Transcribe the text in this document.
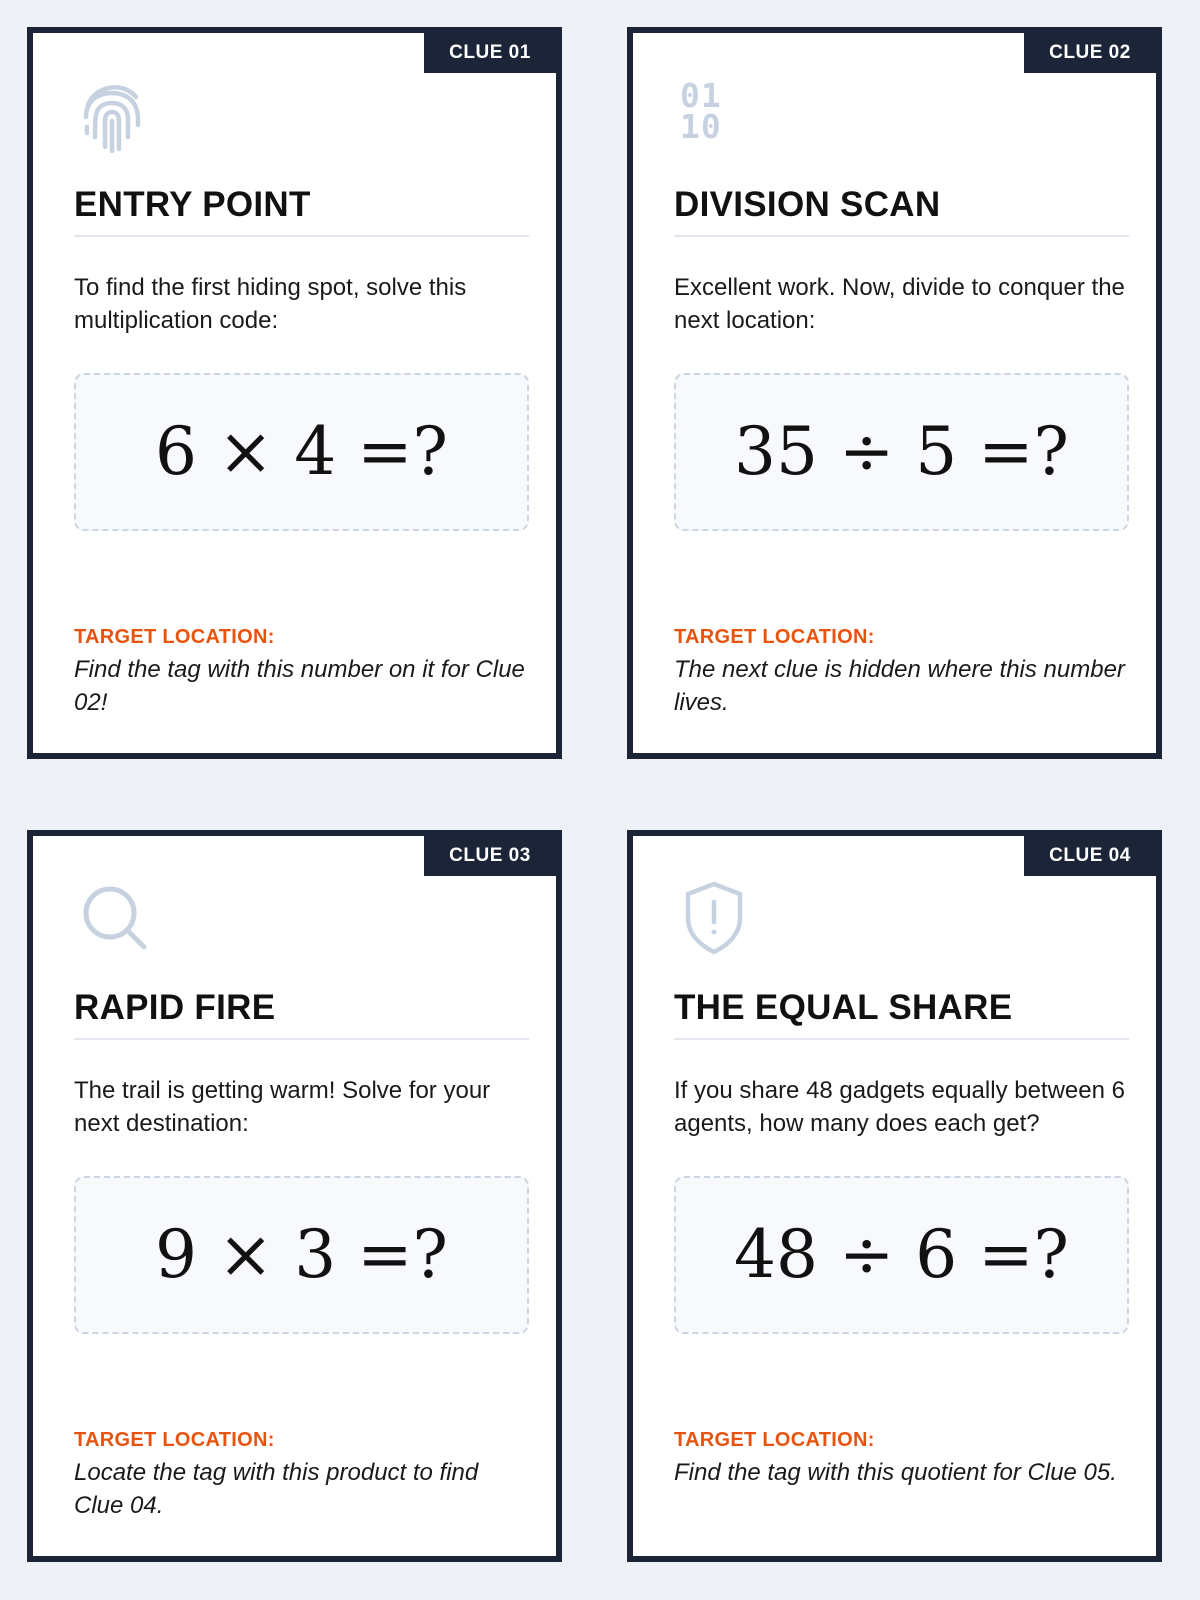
CLUE 01
ENTRY POINT

To find the first hiding spot, solve this multiplication code:

6 × 4 =?
TARGET LOCATION:

Find the tag with this number on it for Clue 02!

CLUE 02
01
10
DIVISION SCAN

Excellent work. Now, divide to conquer the next location:

35 ÷ 5 =?
TARGET LOCATION:

The next clue is hidden where this number lives.

CLUE 03
RAPID FIRE

The trail is getting warm! Solve for your next destination:

9 × 3 =?
TARGET LOCATION:

Locate the tag with this product to find Clue 04.

CLUE 04
THE EQUAL SHARE

If you share 48 gadgets equally between 6 agents, how many does each get?

48 ÷ 6 =?
TARGET LOCATION:

Find the tag with this quotient for Clue 05.
